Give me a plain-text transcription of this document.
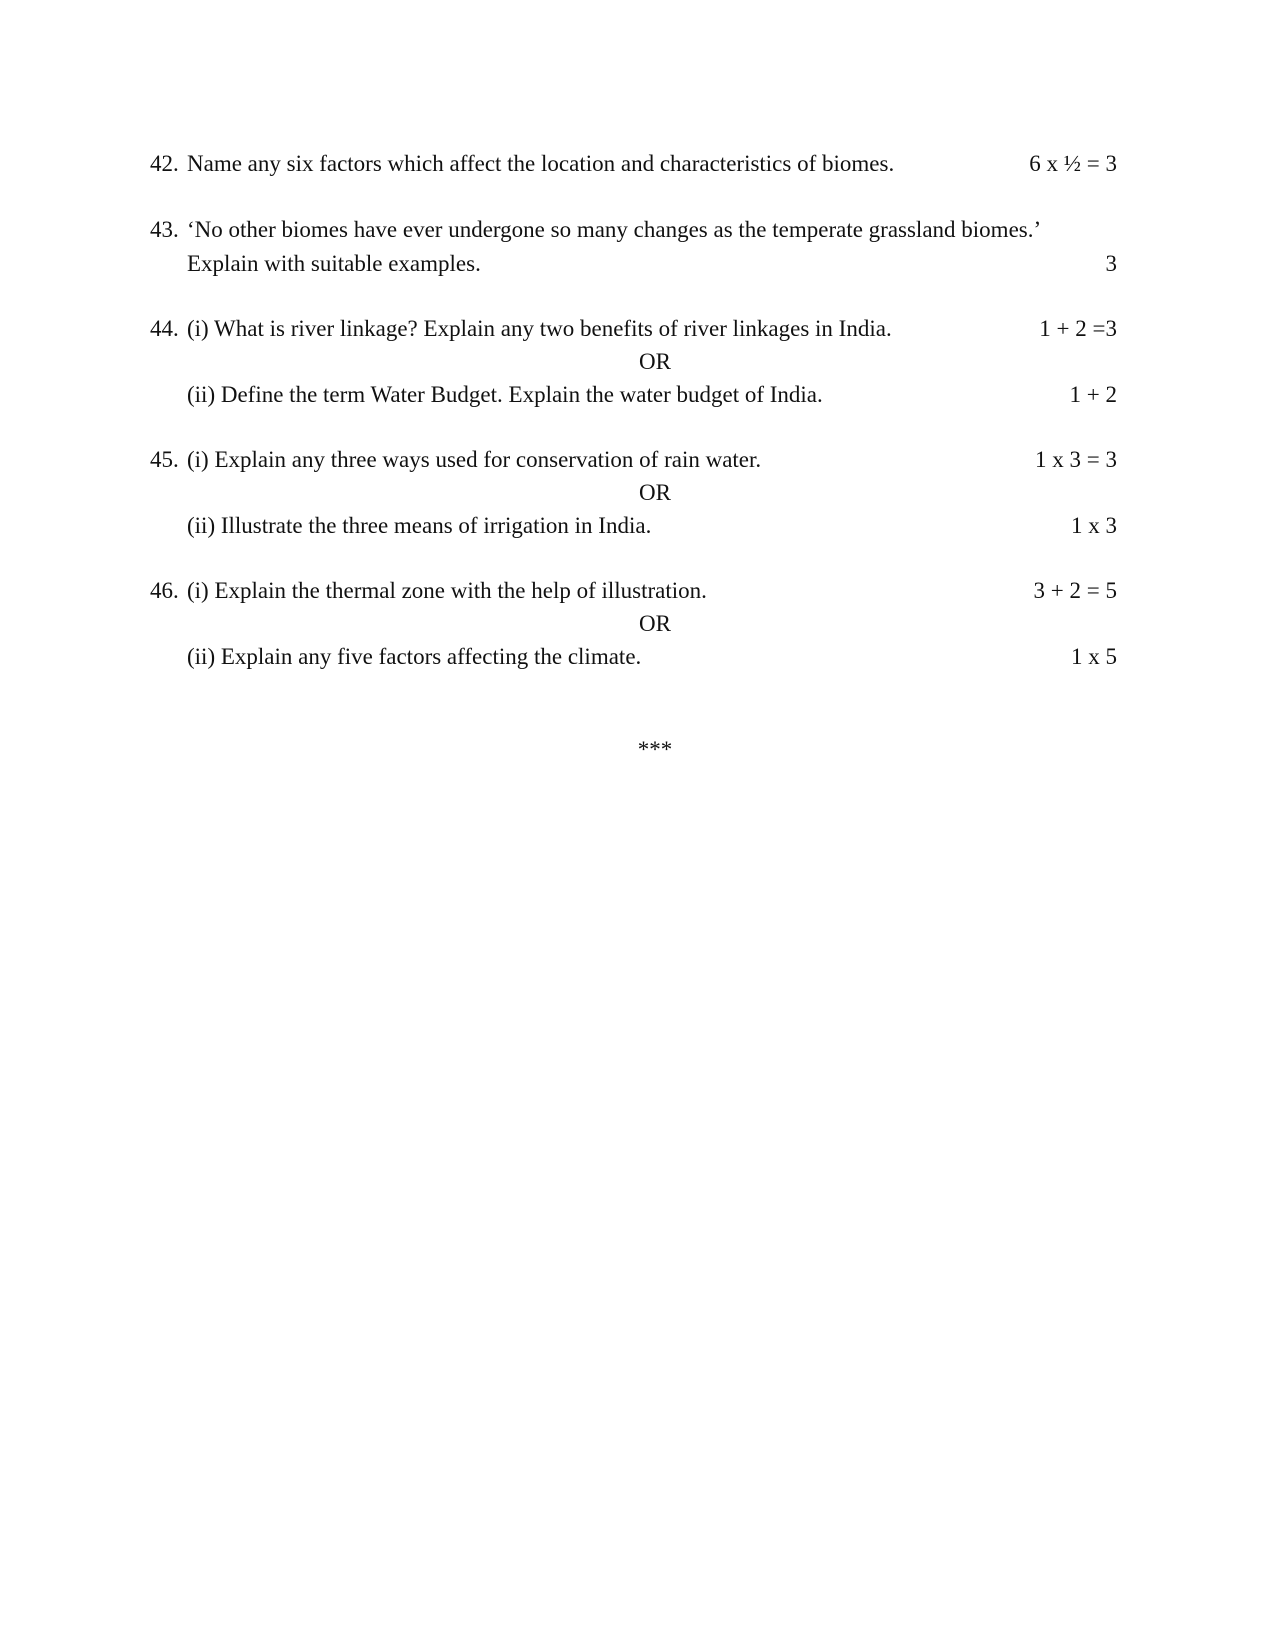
42. Name any six factors which affect the location and characteristics of biomes.	6 x ½ = 3
43. ‘No other biomes have ever undergone so many changes as the temperate grassland biomes.’
Explain with suitable examples.	3
44. (i) What is river linkage? Explain any two benefits of river linkages in India.	1 + 2 =3
OR
(ii) Define the term Water Budget. Explain the water budget of India.	1 + 2
45. (i) Explain any three ways used for conservation of rain water.	1 x 3 = 3
OR
(ii) Illustrate the three means of irrigation in India.	1 x 3
46. (i) Explain the thermal zone with the help of illustration.	3 + 2 = 5
OR
(ii) Explain any five factors affecting the climate.	1 x 5
***
